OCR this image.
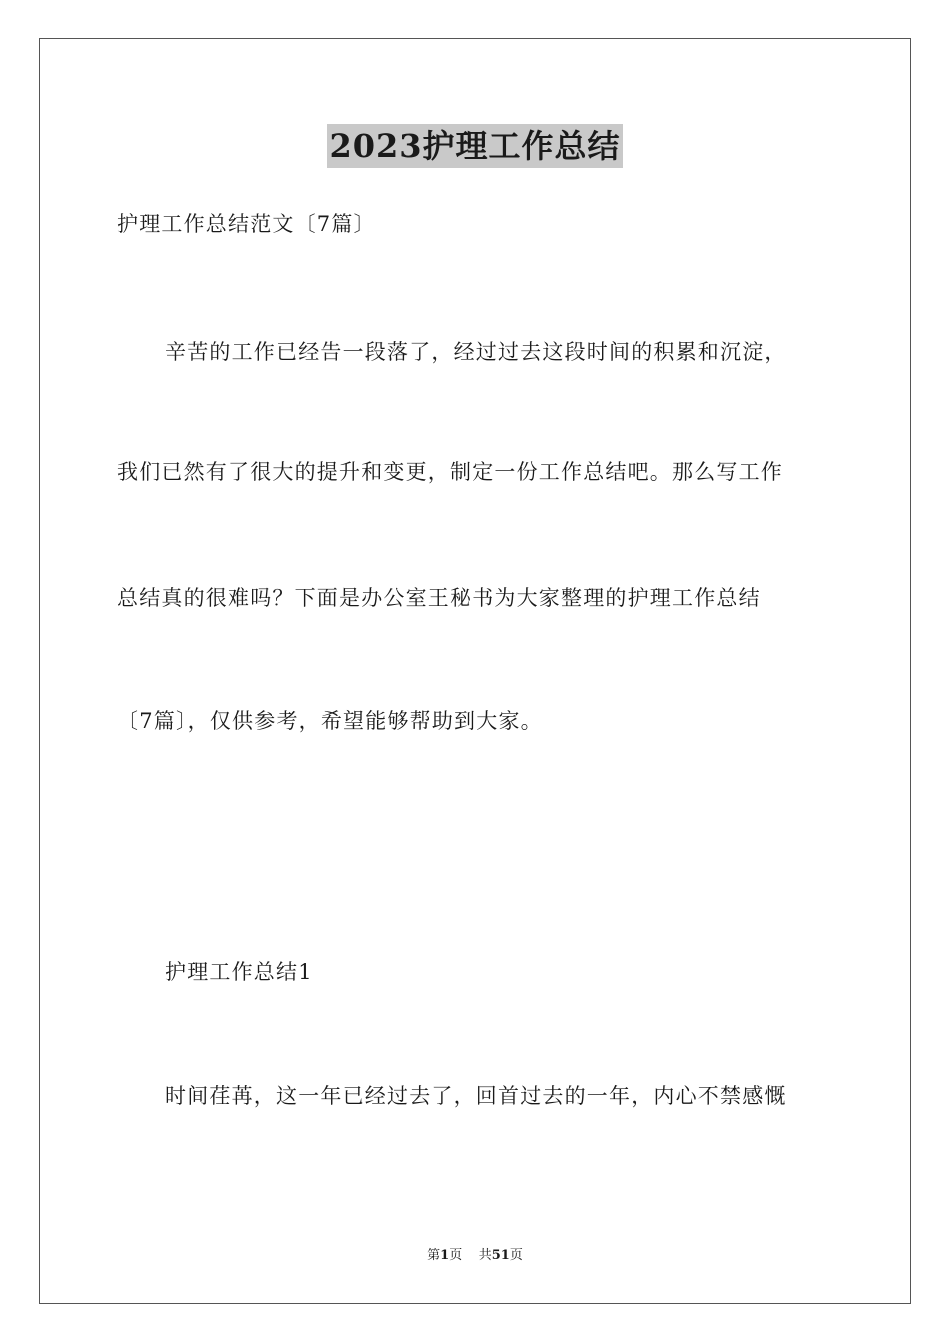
2023护理工作总结
护理工作总结范文〔7篇〕
辛苦的工作已经告一段落了，经过过去这段时间的积累和沉淀，
我们已然有了很大的提升和变更，制定一份工作总结吧。那么写工作
总结真的很难吗？下面是办公室王秘书为大家整理的护理工作总结
〔7篇〕，仅供参考，希望能够帮助到大家。
护理工作总结1
时间荏苒，这一年已经过去了，回首过去的一年，内心不禁感慨
第1页 共51页
